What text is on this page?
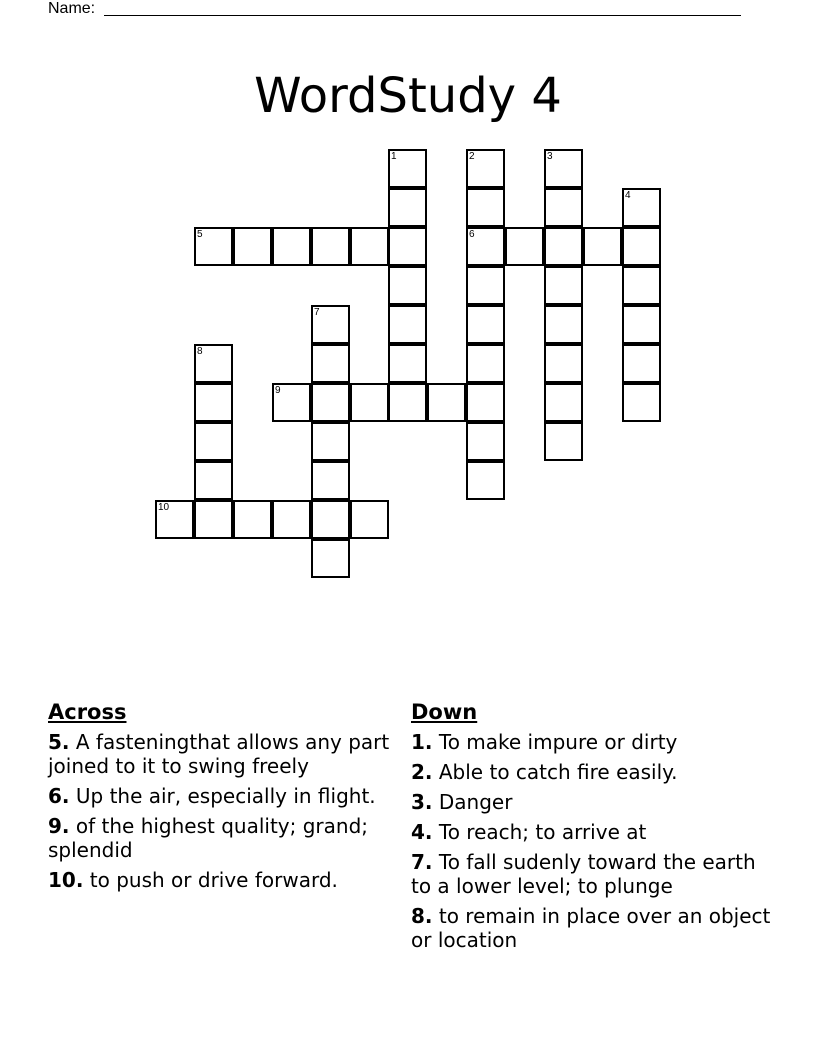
Name:
WordStudy 4
1	2
6
3
4
5
7
8
9
10
Across
5. A fasteningthat allows any part joined to it to swing freely
6. Up the air, especially in flight.
9. of the highest quality; grand; splendid
10. to push or drive forward.
Down
1. To make impure or dirty
2. Able to catch fire easily.
3. Danger
4. To reach; to arrive at
7. To fall sudenly toward the earth to a lower level; to plunge
8. to remain in place over an object or location
